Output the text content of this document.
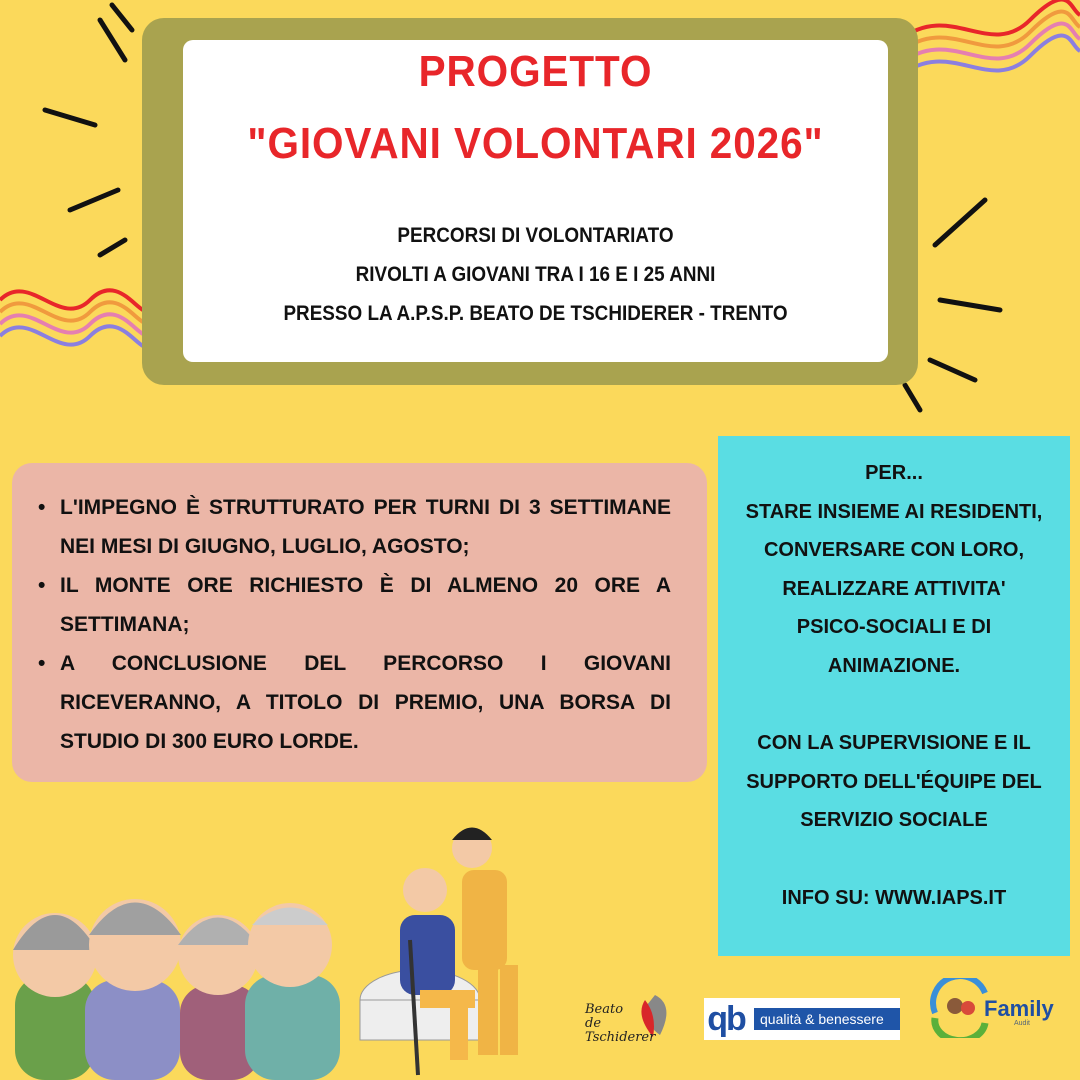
PROGETTO
"GIOVANI VOLONTARI 2026"
PERCORSI DI VOLONTARIATO
RIVOLTI A GIOVANI TRA I 16 E I 25 ANNI
PRESSO LA A.P.S.P. BEATO DE TSCHIDERER - TRENTO
• L'IMPEGNO È STRUTTURATO PER TURNI DI 3 SETTIMANE NEI MESI DI GIUGNO, LUGLIO, AGOSTO;
• IL MONTE ORE RICHIESTO È DI ALMENO 20 ORE A SETTIMANA;
• A CONCLUSIONE DEL PERCORSO I GIOVANI RICEVERANNO, A TITOLO DI PREMIO, UNA BORSA DI STUDIO DI 300 EURO LORDE.
PER...
STARE INSIEME AI RESIDENTI,
CONVERSARE CON LORO,
REALIZZARE ATTIVITA'
PSICO-SOCIALI E DI
ANIMAZIONE.
CON LA SUPERVISIONE E IL
SUPPORTO DELL'ÉQUIPE DEL
SERVIZIO SOCIALE
INFO SU: WWW.IAPS.IT
Beato
de Tschiderer	qb	qualità & benessere	Family
Audit
